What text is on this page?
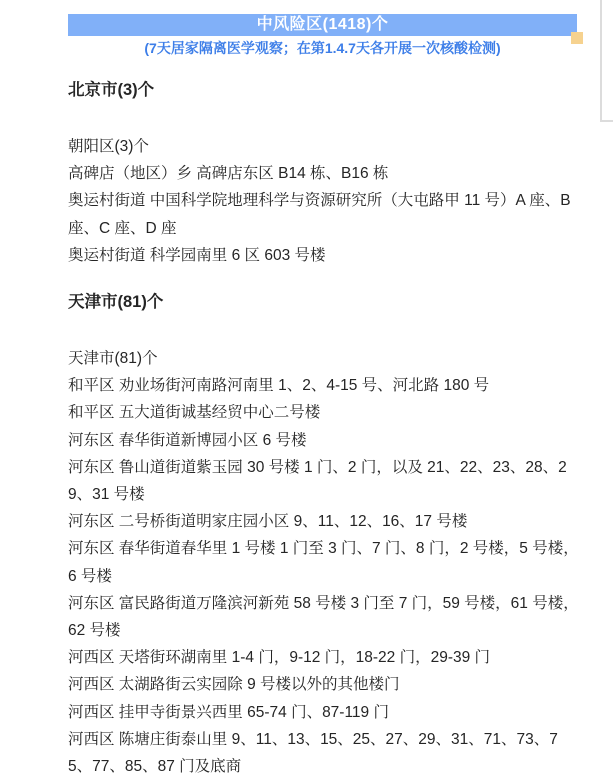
中风险区(1418)个
(7天居家隔离医学观察；在第1.4.7天各开展一次核酸检测)
北京市(3)个

朝阳区(3)个

高碑店（地区）乡 高碑店东区 B14 栋、B16 栋

奥运村街道 中国科学院地理科学与资源研究所（大屯路甲 11 号）A 座、B 座、C 座、D 座

奥运村街道 科学园南里 6 区 603 号楼

天津市(81)个

天津市(81)个

和平区 劝业场街河南路河南里 1、2、4-15 号、河北路 180 号

和平区 五大道街诚基经贸中心二号楼

河东区 春华街道新博园小区 6 号楼

河东区 鲁山道街道紫玉园 30 号楼 1 门、2 门，以及 21、22、23、28、29、31 号楼

河东区 二号桥街道明家庄园小区 9、11、12、16、17 号楼

河东区 春华街道春华里 1 号楼 1 门至 3 门、7 门、8 门，2 号楼，5 号楼，6 号楼

河东区 富民路街道万隆滨河新苑 58 号楼 3 门至 7 门，59 号楼，61 号楼，62 号楼

河西区 天塔街环湖南里 1-4 门，9-12 门，18-22 门，29-39 门

河西区 太湖路街云实园除 9 号楼以外的其他楼门

河西区 挂甲寺街景兴西里 65-74 门、87-119 门

河西区 陈塘庄街泰山里 9、11、13、15、25、27、29、31、71、73、75、77、85、87 门及底商
